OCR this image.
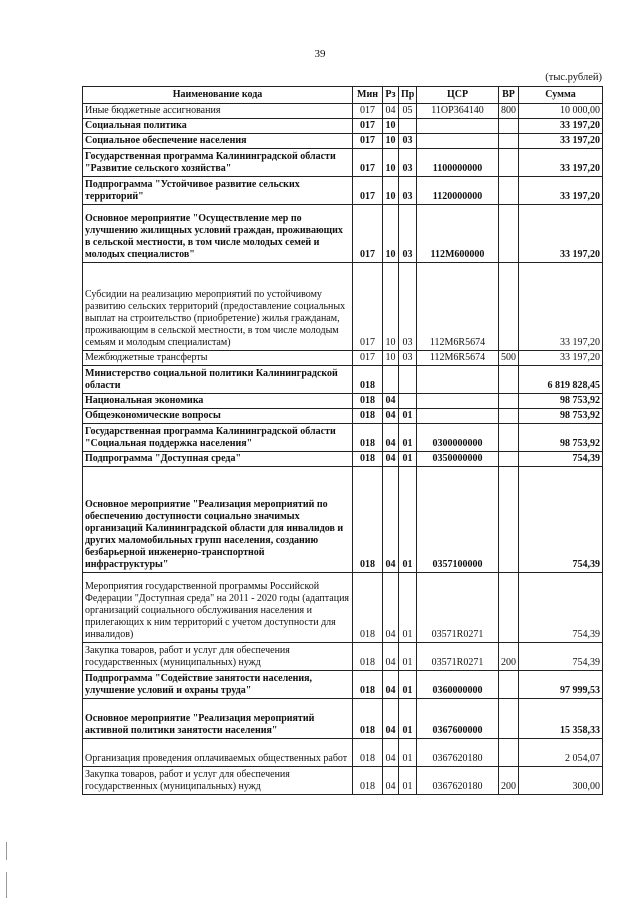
39
(тыс.рублей)
Наименование кода	Мин	Рз	Пр	ЦСР	ВР	Сумма
Иные бюджетные ассигнования	017	04	05	11ОР364140	800	10 000,00
Социальная политика	017	10				33 197,20
Социальное обеспечение населения	017	10	03			33 197,20
Государственная программа Калининградской области "Развитие сельского хозяйства"	017	10	03	1100000000		33 197,20
Подпрограмма "Устойчивое развитие сельских территорий"	017	10	03	1120000000		33 197,20
Основное мероприятие "Осуществление мер по улучшению жилищных условий граждан, проживающих в сельской местности, в том числе молодых семей и молодых специалистов"	017	10	03	112М600000		33 197,20
Субсидии на реализацию мероприятий по устойчивому развитию сельских территорий (предоставление социальных выплат на строительство (приобретение) жилья гражданам, проживающим в сельской местности, в том числе молодым семьям и молодым специалистам)	017	10	03	112М6R5674		33 197,20
Межбюджетные трансферты	017	10	03	112М6R5674	500	33 197,20
Министерство социальной политики Калининградской области	018					6 819 828,45
Национальная экономика	018	04				98 753,92
Общеэкономические вопросы	018	04	01			98 753,92
Государственная программа Калининградской области "Социальная поддержка населения"	018	04	01	0300000000		98 753,92
Подпрограмма "Доступная среда"	018	04	01	0350000000		754,39
Основное мероприятие "Реализация мероприятий по обеспечению доступности социально значимых организаций Калининградской области для инвалидов и других маломобильных групп населения, созданию безбарьерной инженерно-транспортной инфраструктуры"	018	04	01	0357100000		754,39
Мероприятия государственной программы Российской Федерации "Доступная среда" на 2011 - 2020 годы (адаптация организаций социального обслуживания населения и прилегающих к ним территорий с учетом доступности для инвалидов)	018	04	01	03571R0271		754,39
Закупка товаров, работ и услуг для обеспечения государственных (муниципальных) нужд	018	04	01	03571R0271	200	754,39
Подпрограмма "Содействие занятости населения, улучшение условий и охраны труда"	018	04	01	0360000000		97 999,53
Основное мероприятие "Реализация мероприятий активной политики занятости населения"	018	04	01	0367600000		15 358,33
Организация проведения оплачиваемых общественных работ	018	04	01	0367620180		2 054,07
Закупка товаров, работ и услуг для обеспечения государственных (муниципальных) нужд	018	04	01	0367620180	200	300,00
